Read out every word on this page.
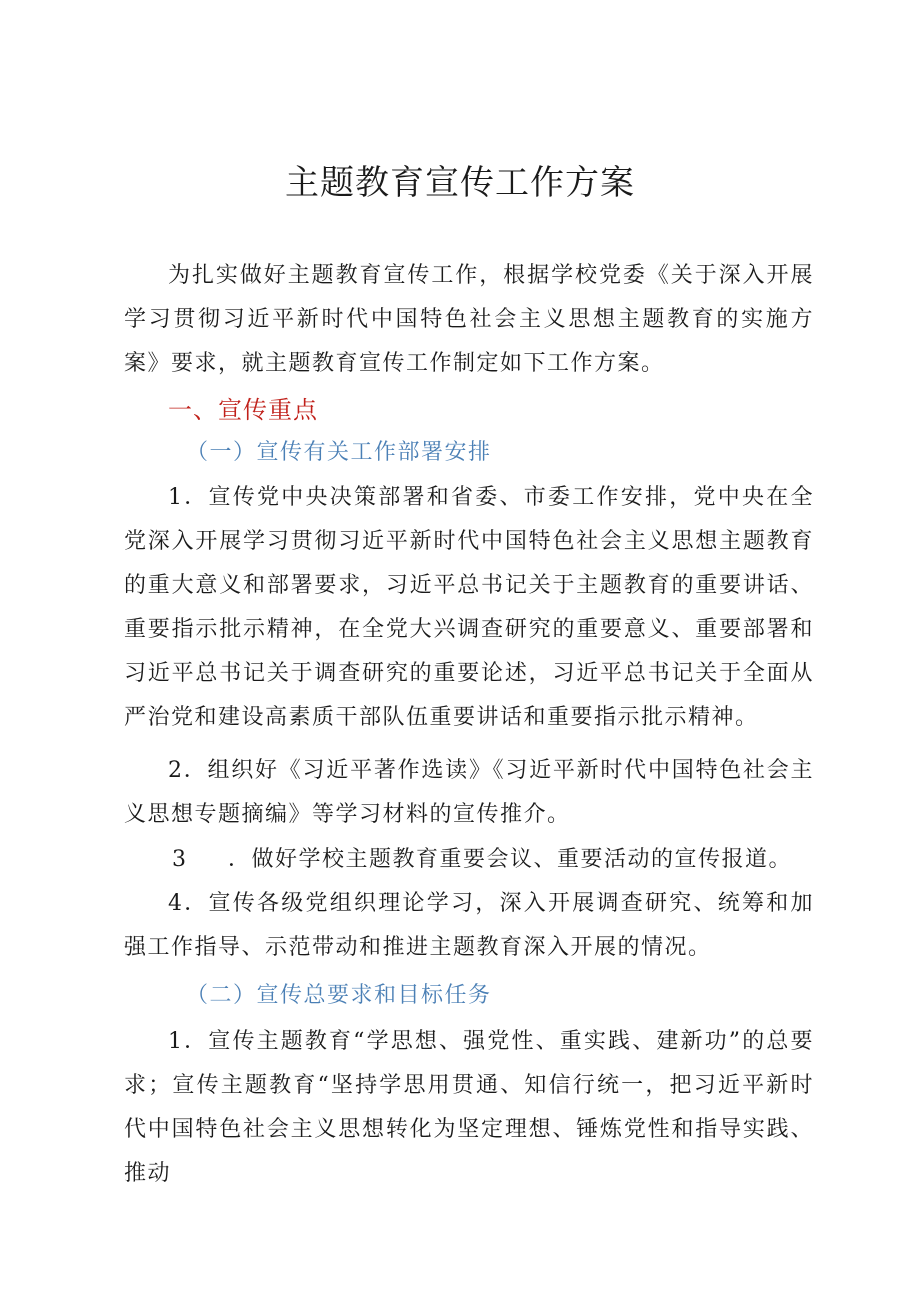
主题教育宣传工作方案
为扎实做好主题教育宣传工作，根据学校党委《关于深入开展学习贯彻习近平新时代中国特色社会主义思想主题教育的实施方案》要求，就主题教育宣传工作制定如下工作方案。
一、宣传重点
（一）宣传有关工作部署安排
1．宣传党中央决策部署和省委、市委工作安排，党中央在全党深入开展学习贯彻习近平新时代中国特色社会主义思想主题教育的重大意义和部署要求，习近平总书记关于主题教育的重要讲话、重要指示批示精神，在全党大兴调查研究的重要意义、重要部署和习近平总书记关于调查研究的重要论述，习近平总书记关于全面从严治党和建设高素质干部队伍重要讲话和重要指示批示精神。
2．组织好《习近平著作选读》《习近平新时代中国特色社会主义思想专题摘编》等学习材料的宣传推介。
3 ．做好学校主题教育重要会议、重要活动的宣传报道。
4．宣传各级党组织理论学习，深入开展调查研究、统筹和加强工作指导、示范带动和推进主题教育深入开展的情况。
（二）宣传总要求和目标任务
1．宣传主题教育“学思想、强党性、重实践、建新功”的总要求；宣传主题教育“坚持学思用贯通、知信行统一，把习近平新时代中国特色社会主义思想转化为坚定理想、锤炼党性和指导实践、推动
